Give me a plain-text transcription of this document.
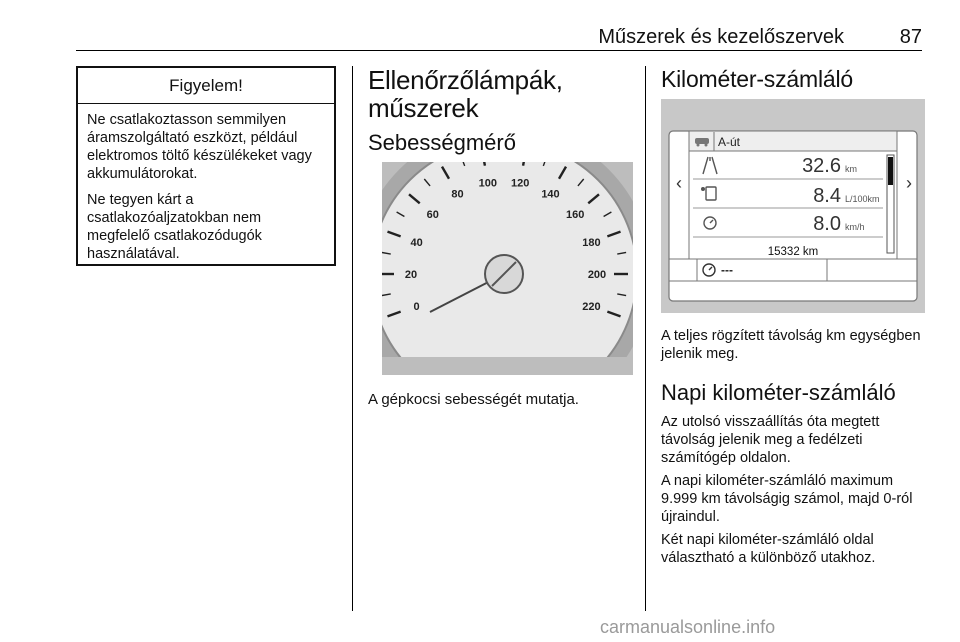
Műszerek és kezelőszervek	87
Figyelem!

Ne csatlakoztasson semmilyen áramszolgáltató eszközt, például elektromos töltő készülékeket vagy akkumulátorokat.

Ne tegyen kárt a csatlakozóaljzatokban nem megfelelő csatlakozódugók használatával.

Ellenőrzőlámpák, műszerek
Sebességmérő
0
20
40
60
80
100 120
140
160
180
200
220
A gépkocsi sebességét mutatja.
Kilométer-számláló
‹	›
A-út
32.6 km
8.4 L/100km
8.0 km/h
15332 km
---

A teljes rögzített távolság km egységben jelenik meg.

Napi kilométer-számláló

Az utolsó visszaállítás óta megtett távolság jelenik meg a fedélzeti számítógép oldalon.

A napi kilométer-számláló maximum 9.999 km távolságig számol, majd 0-ról újraindul.

Két napi kilométer-számláló oldal választható a különböző utakhoz.

carmanualsonline.info
